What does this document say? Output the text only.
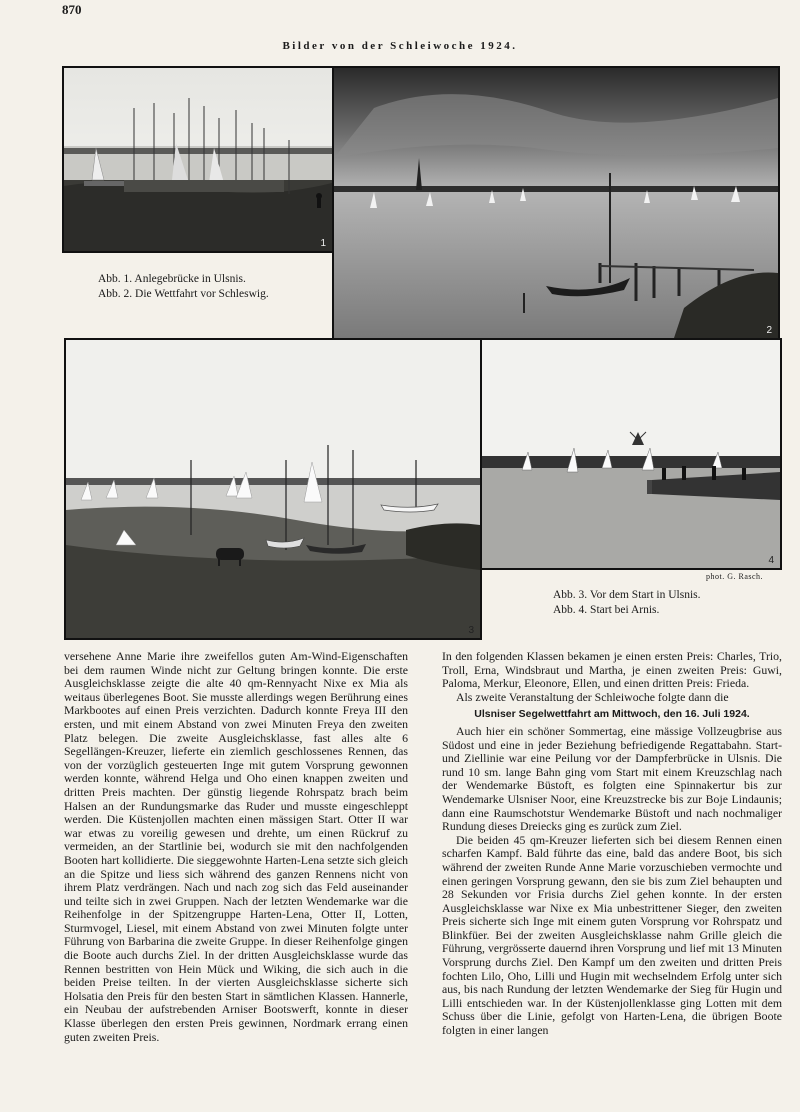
870
Bilder von der Schleiwoche 1924.
1
2
Abb. 1. Anlegebrücke in Ulsnis.
Abb. 2. Die Wettfahrt vor Schleswig.
3
4
phot. G. Rasch.
Abb. 3. Vor dem Start in Ulsnis.
Abb. 4. Start bei Arnis.

versehene Anne Marie ihre zweifellos guten Am-Wind-Eigenschaften bei dem raumen Winde nicht zur Geltung bringen konnte. Die erste Ausgleichsklasse zeigte die alte 40 qm-Rennyacht Nixe ex Mia als weitaus überlegenes Boot. Sie musste allerdings wegen Berührung eines Markbootes auf einen Preis verzichten. Dadurch konnte Freya III den ersten, und mit einem Abstand von zwei Minuten Freya den zweiten Platz belegen. Die zweite Ausgleichsklasse, fast alles alte 6 Segellängen-Kreuzer, lieferte ein ziemlich geschlossenes Rennen, das von der vorzüglich gesteuerten Inge mit gutem Vorsprung gewonnen werden konnte, während Helga und Oho einen knappen zweiten und dritten Preis machten. Der günstig liegende Rohrspatz brach beim Halsen an der Rundungsmarke das Ruder und musste eingeschleppt werden. Die Küstenjollen machten einen mässigen Start. Otter II war war etwas zu voreilig gewesen und drehte, um einen Rückruf zu vermeiden, an der Startlinie bei, wodurch sie mit den nachfolgenden Booten hart kollidierte. Die sieggewohnte Harten-Lena setzte sich gleich an die Spitze und liess sich während des ganzen Rennens nicht von ihrem Platz verdrängen. Nach und nach zog sich das Feld auseinander und teilte sich in zwei Gruppen. Nach der letzten Wendemarke war die Reihenfolge in der Spitzengruppe Harten-Lena, Otter II, Lotten, Sturmvogel, Liesel, mit einem Abstand von zwei Minuten folgte unter Führung von Barbarina die zweite Gruppe. In dieser Reihenfolge gingen die Boote auch durchs Ziel. In der dritten Ausgleichsklasse wurde das Rennen bestritten von Hein Mück und Wiking, die sich auch in die beiden Preise teilten. In der vierten Ausgleichsklasse sicherte sich Holsatia den Preis für den besten Start in sämtlichen Klassen. Hannerle, ein Neubau der aufstrebenden Arniser Bootswerft, konnte in dieser Klasse überlegen den ersten Preis gewinnen, Nordmark errang einen guten zweiten Preis.

In den folgenden Klassen bekamen je einen ersten Preis: Charles, Trio, Troll, Erna, Windsbraut und Martha, je einen zweiten Preis: Guwi, Paloma, Merkur, Eleonore, Ellen, und einen dritten Preis: Frieda.

Als zweite Veranstaltung der Schleiwoche folgte dann die

Ulsniser Segelwettfahrt am Mittwoch, den 16. Juli 1924.

Auch hier ein schöner Sommertag, eine mässige Vollzeugbrise aus Südost und eine in jeder Beziehung befriedigende Regattabahn. Start- und Ziellinie war eine Peilung vor der Dampferbrücke in Ulsnis. Die rund 10 sm. lange Bahn ging vom Start mit einem Kreuzschlag nach der Wendemarke Büstoft, es folgten eine Spinnakertur bis zur Wendemarke Ulsniser Noor, eine Kreuzstrecke bis zur Boje Lindaunis; dann eine Raumschotstur Wendemarke Büstoft und nach nochmaliger Rundung dieses Dreiecks ging es zurück zum Ziel.

Die beiden 45 qm-Kreuzer lieferten sich bei diesem Rennen einen scharfen Kampf. Bald führte das eine, bald das andere Boot, bis sich während der zweiten Runde Anne Marie vorzuschieben vermochte und einen geringen Vorsprung gewann, den sie bis zum Ziel behaupten und 28 Sekunden vor Frisia durchs Ziel gehen konnte. In der ersten Ausgleichsklasse war Nixe ex Mia unbestrittener Sieger, den zweiten Preis sicherte sich Inge mit einem guten Vorsprung vor Rohrspatz und Blinkfüer. Bei der zweiten Ausgleichsklasse nahm Grille gleich die Führung, vergrösserte dauernd ihren Vorsprung und lief mit 13 Minuten Vorsprung durchs Ziel. Den Kampf um den zweiten und dritten Preis fochten Lilo, Oho, Lilli und Hugin mit wechselndem Erfolg unter sich aus, bis nach Rundung der letzten Wendemarke der Sieg für Hugin und Lilli entschieden war. In der Küstenjollenklasse ging Lotten mit dem Schuss über die Linie, gefolgt von Harten-Lena, die übrigen Boote folgten in einer langen
